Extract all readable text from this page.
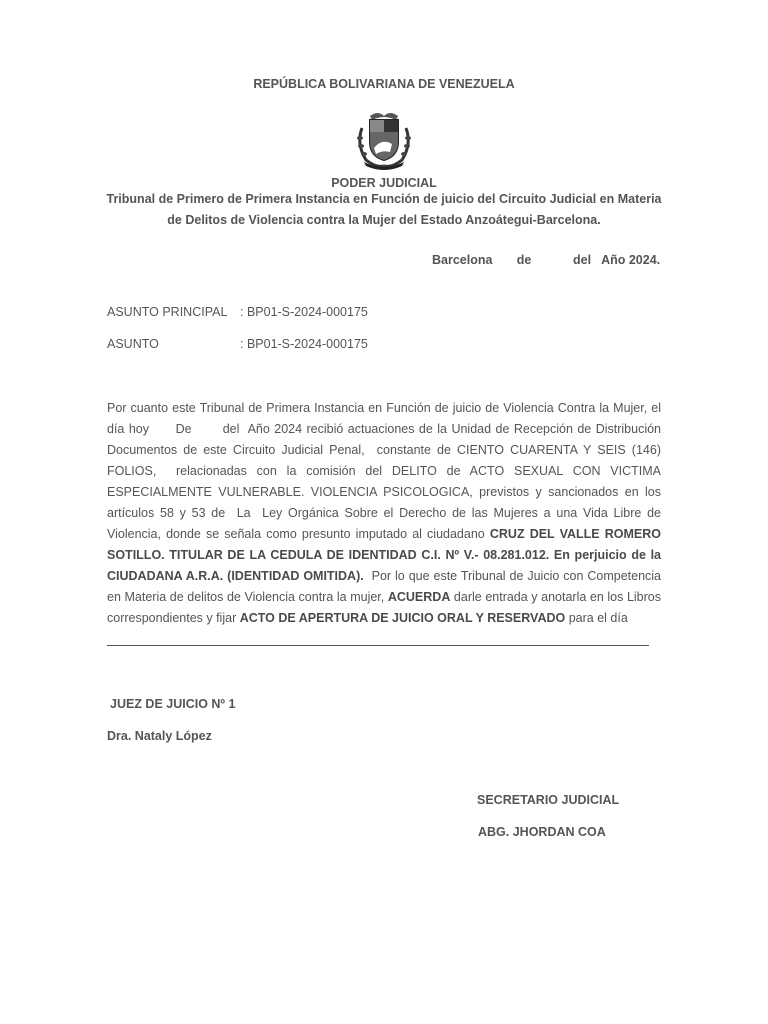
REPÚBLICA BOLIVARIANA DE VENEZUELA
PODER JUDICIAL
Tribunal de Primero de Primera Instancia en Función de juicio del Circuito Judicial en Materia de Delitos de Violencia contra la Mujer del Estado Anzoátegui-Barcelona.
Barcelona de	del Año 2024.
ASUNTO PRINCIPAL : BP01-S-2024-000175
ASUNTO	: BP01-S-2024-000175
Por cuanto este Tribunal de Primera Instancia en Función de juicio de Violencia Contra la Mujer, el día hoy      De       del  Año 2024 recibió actuaciones de la Unidad de Recepción de Distribución Documentos de este Circuito Judicial Penal,  constante de CIENTO CUARENTA Y SEIS (146) FOLIOS,  relacionadas con la comisión del DELITO de ACTO SEXUAL CON VICTIMA ESPECIALMENTE VULNERABLE. VIOLENCIA PSICOLOGICA, previstos y sancionados en los artículos 58 y 53 de  La  Ley Orgánica Sobre el Derecho de las Mujeres a una Vida Libre de Violencia, donde se señala como presunto imputado al ciudadano CRUZ DEL VALLE ROMERO SOTILLO. TITULAR DE LA CEDULA DE IDENTIDAD C.I. Nº V.- 08.281.012. En perjuicio de la CIUDADANA A.R.A. (IDENTIDAD OMITIDA).  Por lo que este Tribunal de Juicio con Competencia en Materia de delitos de Violencia contra la mujer, ACUERDA darle entrada y anotarla en los Libros correspondientes y fijar ACTO DE APERTURA DE JUICIO ORAL Y RESERVADO para el día
JUEZ DE JUICIO Nº 1
Dra. Nataly López
SECRETARIO JUDICIAL
ABG. JHORDAN COA
